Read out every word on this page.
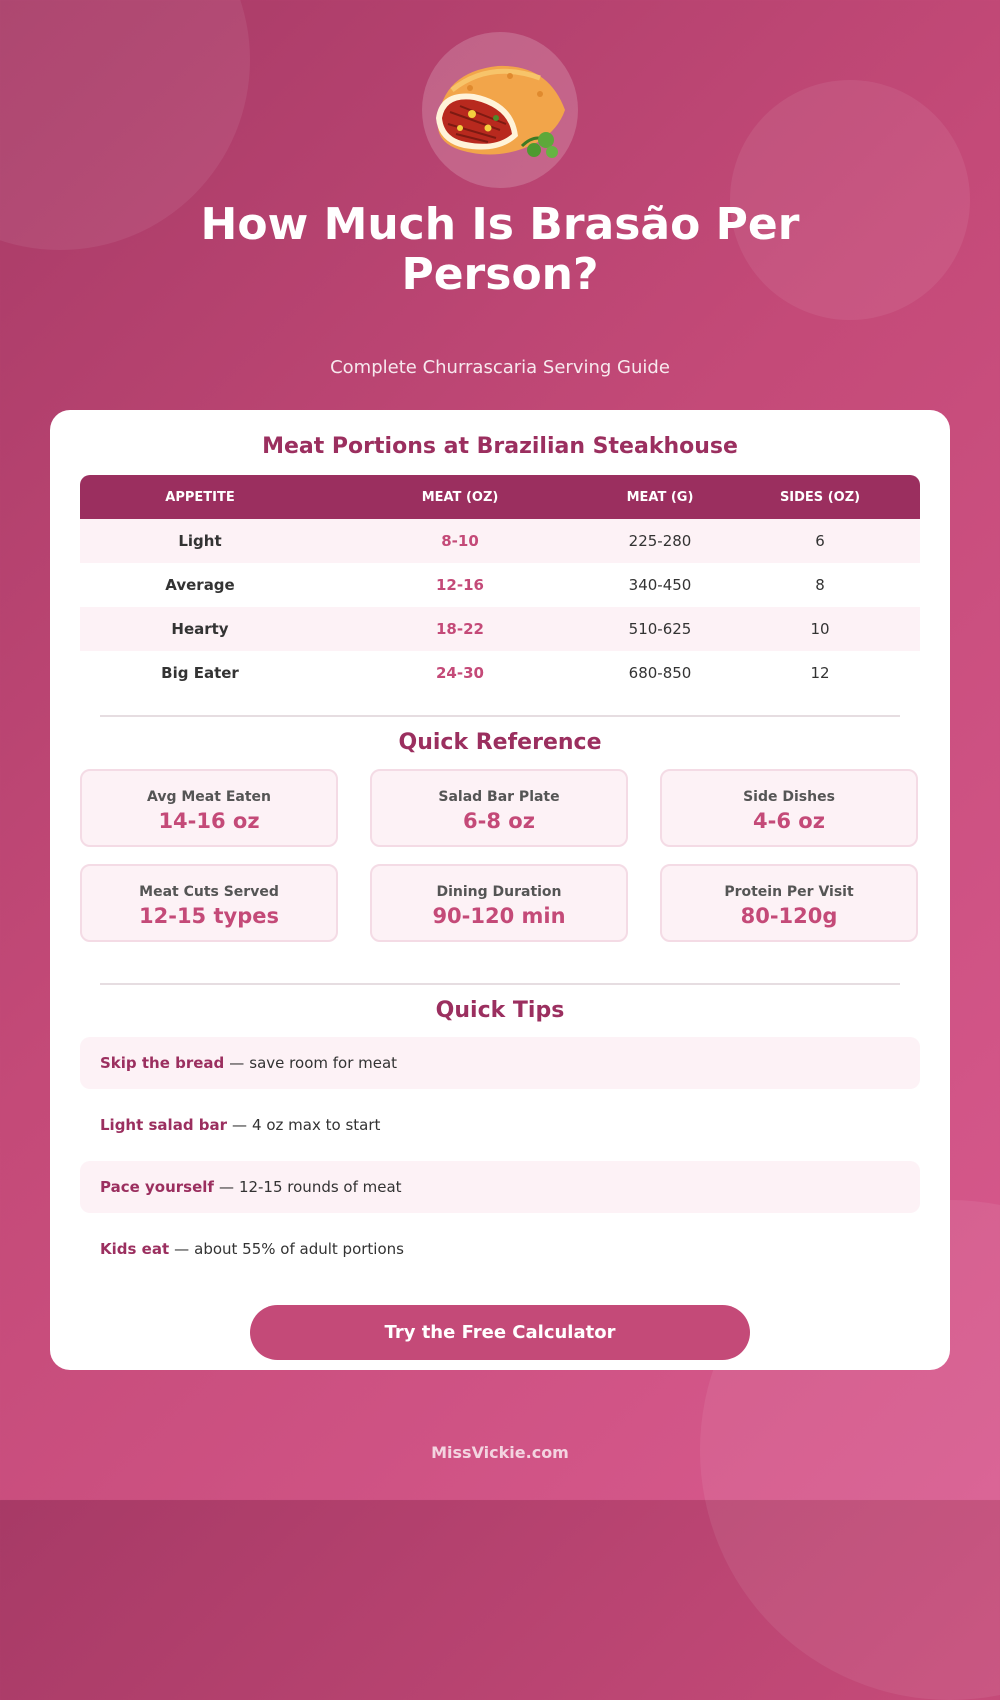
How Much Is Brasão Per Person?
Complete Churrascaria Serving Guide
Meat Portions at Brazilian Steakhouse
APPETITE	MEAT (OZ)	MEAT (G)	SIDES (OZ)
Light	8-10	225-280	6
Average	12-16	340-450	8
Hearty	18-22	510-625	10
Big Eater	24-30	680-850	12
Quick Reference
Avg Meat Eaten
14-16 oz
Salad Bar Plate
6-8 oz
Side Dishes
4-6 oz
Meat Cuts Served
12-15 types
Dining Duration
90-120 min
Protein Per Visit
80-120g
Quick Tips
Skip the bread — save room for meat
Light salad bar — 4 oz max to start
Pace yourself — 12-15 rounds of meat
Kids eat — about 55% of adult portions
Try the Free Calculator
MissVickie.com
